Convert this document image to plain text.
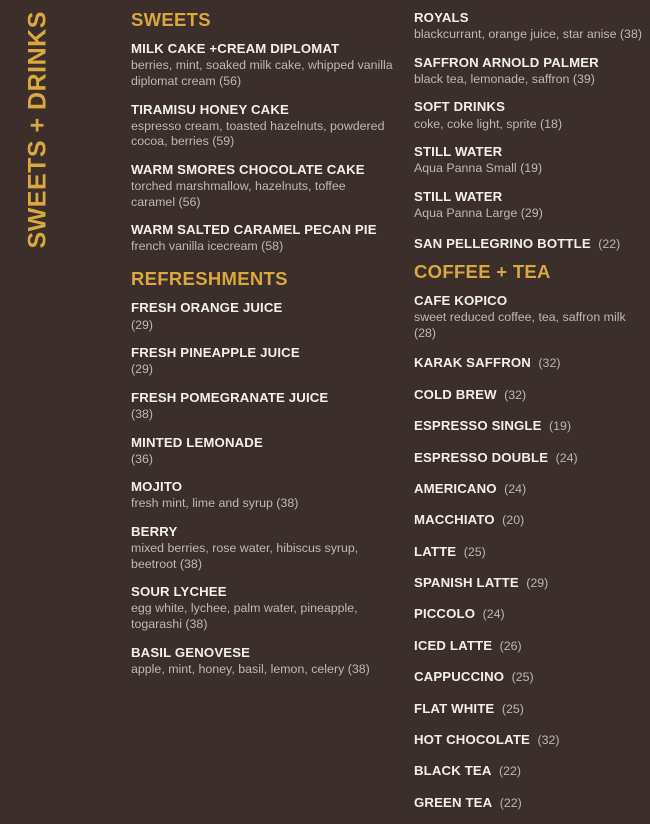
SWEETS + DRINKS	SWEETS
MILK CAKE +CREAM DIPLOMAT
berries, mint, soaked milk cake, whipped vanilla diplomat cream (56)
TIRAMISU HONEY CAKE
espresso cream, toasted hazelnuts, powdered cocoa, berries (59)
WARM SMORES CHOCOLATE CAKE
torched marshmallow, hazelnuts, toffee caramel (56)
WARM SALTED CARAMEL PECAN PIE
french vanilla icecream (58)
REFRESHMENTS
FRESH ORANGE JUICE
(29)
FRESH PINEAPPLE JUICE
(29)
FRESH POMEGRANATE JUICE
(38)
MINTED LEMONADE
(36)
MOJITO
fresh mint, lime and syrup (38)
BERRY
mixed berries, rose water, hibiscus syrup, beetroot (38)
SOUR LYCHEE
egg white, lychee, palm water, pineapple, togarashi (38)
BASIL GENOVESE
apple, mint, honey, basil, lemon, celery (38)
ROYALS
blackcurrant, orange juice, star anise (38)
SAFFRON ARNOLD PALMER
black tea, lemonade, saffron (39)
SOFT DRINKS
coke, coke light, sprite (18)
STILL WATER
Aqua Panna Small (19)
STILL WATER
Aqua Panna Large (29)
SAN PELLEGRINO BOTTLE (22)
COFFEE + TEA
CAFE KOPICO
sweet reduced coffee, tea, saffron milk (28)
KARAK SAFFRON (32)
COLD BREW (32)
ESPRESSO SINGLE (19)
ESPRESSO DOUBLE (24)
AMERICANO (24)
MACCHIATO (20)
LATTE (25)
SPANISH LATTE (29)
PICCOLO (24)
ICED LATTE (26)
CAPPUCCINO (25)
FLAT WHITE (25)
HOT CHOCOLATE (32)
BLACK TEA (22)
GREEN TEA (22)
